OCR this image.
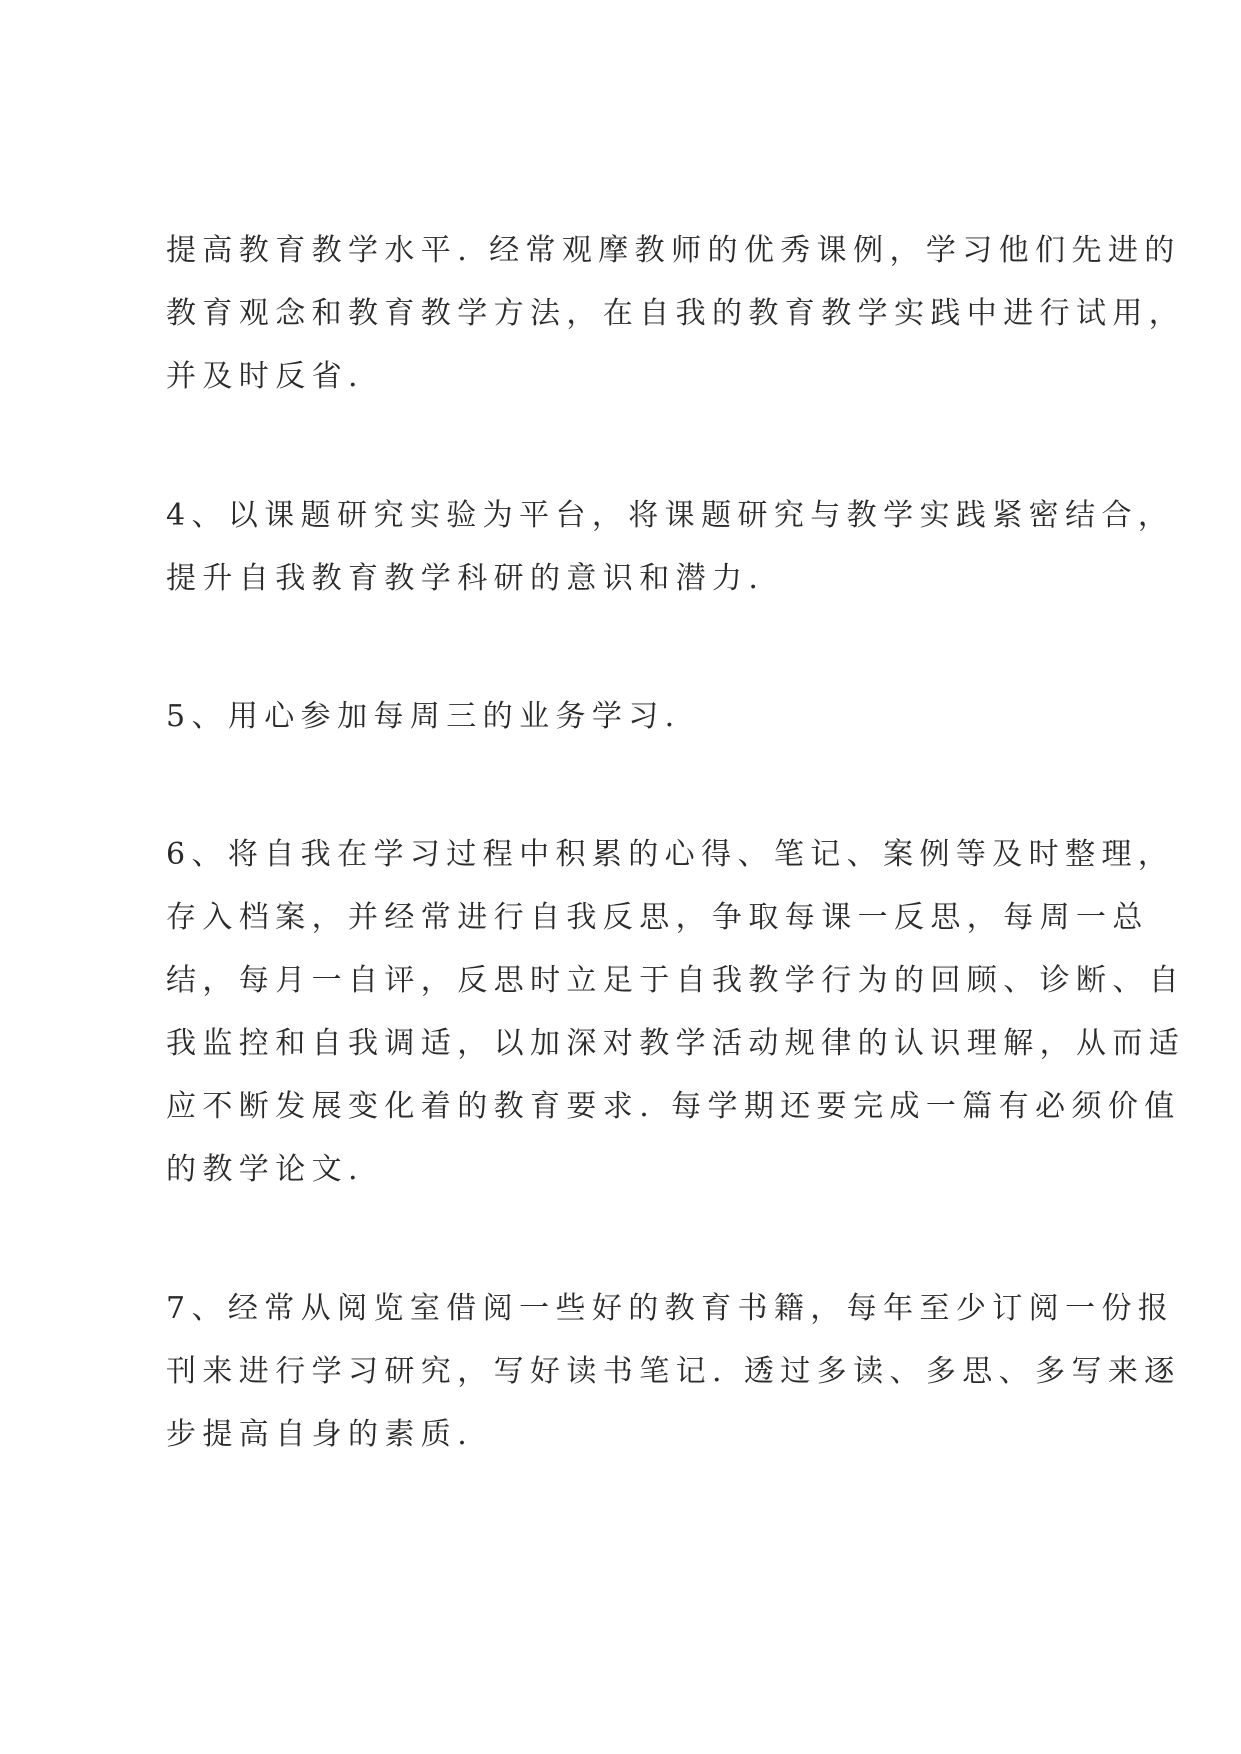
提高教育教学水平. 经常观摩教师的优秀课例，学习他们先进的
教育观念和教育教学方法，在自我的教育教学实践中进行试用，
并及时反省.
4、以课题研究实验为平台，将课题研究与教学实践紧密结合，
提升自我教育教学科研的意识和潜力.
5、用心参加每周三的业务学习.
6、将自我在学习过程中积累的心得、笔记、案例等及时整理，
存入档案，并经常进行自我反思，争取每课一反思，每周一总
结，每月一自评，反思时立足于自我教学行为的回顾、诊断、自
我监控和自我调适，以加深对教学活动规律的认识理解，从而适
应不断发展变化着的教育要求. 每学期还要完成一篇有必须价值
的教学论文.
7、经常从阅览室借阅一些好的教育书籍，每年至少订阅一份报
刊来进行学习研究，写好读书笔记. 透过多读、多思、多写来逐
步提高自身的素质.
